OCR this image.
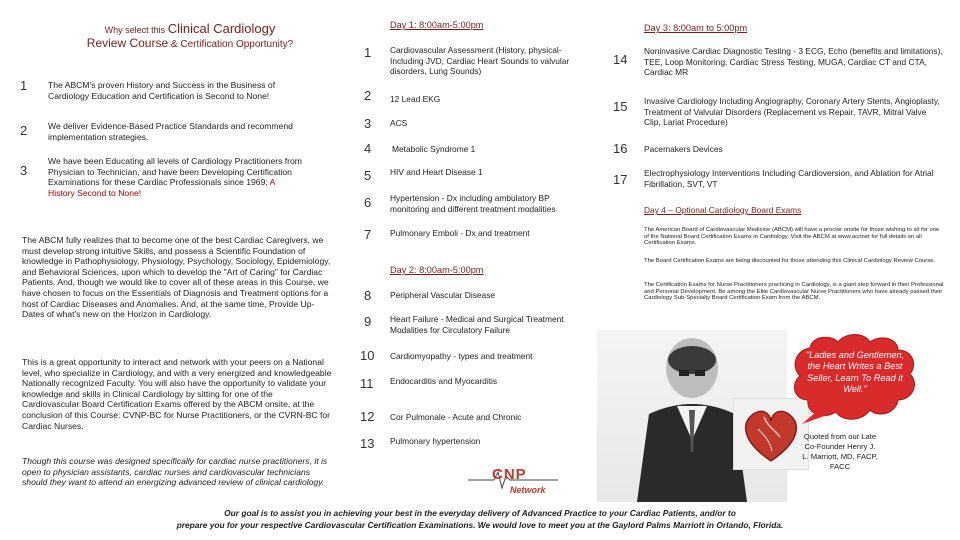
Why select this Clinical Cardiology
Review Course & Certification Opportunity?
1 The ABCM's proven History and Success in the Business of Cardiology Education and Certification is Second to None!
2 We deliver Evidence-Based Practice Standards and recommend implementation strategies.
3
We have been Educating all levels of Cardiology Practitioners from Physician to Technician, and have been Developing Certification Examinations for these Cardiac Professionals since 1969; A History Second to None!
The ABCM fully realizes that to become one of the best Cardiac Caregivers, we must develop strong intuitive Skills, and possess a Scientific Foundation of knowledge in Pathophysiology, Physiology, Psychology, Sociology, Epidemiology, and Behavioral Sciences, upon which to develop the "Art of Caring" for Cardiac Patients. And, though we would like to cover all of these areas in this Course, we have chosen to focus on the Essentials of Diagnosis and Treatment options for a host of Cardiac Diseases and Anomalies. And, at the same time, Provide Up-Dates of what's new on the Horizon in Cardiology.
This is a great opportunity to interact and network with your peers on a National level, who specialize in Cardiology, and with a very energized and knowledgeable Nationally recognized Faculty. You will also have the opportunity to validate your knowledge and skills in Clinical Cardiology by sitting for one of the Cardiovascular Board Certification Exams offered by the ABCM onsite, at the conclusion of this Course: CVNP-BC for Nurse Practitioners, or the CVRN-BC for Cardiac Nurses.
Though this course was designed specifically for cardiac nurse practitioners, it is open to physician assistants, cardiac nurses and cardiovascular technicians should they want to attend an energizing advanced review of clinical cardiology.
Day 1: 8:00am-5:00pm
1 Cardiovascular Assessment (History, physical-Including JVD, Cardiac Heart Sounds to valvular disorders, Lung Sounds)
2 12 Lead EKG
3 ACS
4 Metabolic Syndrome 1
5 HIV and Heart Disease 1
6 Hypertension - Dx including ambulatory BP monitoring and different treatment modalities
7 Pulmonary Emboli - Dx and treatment
Day 2: 8:00am-5:00pm
8 Peripheral Vascular Disease
9 Heart Failure - Medical and Surgical Treatment Modalities for Circulatory Failure
10 Cardiomyopathy - types and treatment
11 Endocarditis and Myocarditis
12 Cor Pulmonale - Acute and Chronic
13 Pulmonary hypertension
Day 3: 8:00am to 5:00pm
14
Noninvasive Cardiac Diagnostic Testing - 3 ECG, Echo (benefits and limitations), TEE, Loop Monitoring, Cardiac Stress Testing, MUGA, Cardiac CT and CTA, Cardiac MR
15 Invasive Cardiology Including Angiography, Coronary Artery Stents, Angioplasty, Treatment of Valvular Disorders (Replacement vs Repair, TAVR, Mitral Valve Clip, Lariat Procedure)
16 Pacemakers Devices
17 Electrophysiology Interventions Including Cardioversion, and Ablation for Atrial Fibrillation, SVT, VT
Day 4 – Optional Cardiology Board Exams
The American Board of Cardiovascular Medicine (ABCM) will have a proctor onsite for those wishing to sit for one of the National Board Certification Exams in Cardiology. Visit the ABCM at www.acnnet for full details on all Certification Exams.
The Board Certification Exams are being discounted for those attending this Clinical Cardiology Review Course.
The Certification Exams for Nurse Practitioners practicing in Cardiology, is a giant step forward in their Professional and Personal Development. Be among the Elite Cardiovascular Nurse Practitioners who have already passed their Cardiology Sub-Specialty Board Certification Exam from the ABCM.
CNP
Network
"Ladies and Gentlemen, the Heart Writes a Best Seller, Learn To Read it Well."
Quoted from our Late Co-Founder Henry J. L. Marriott, MD, FACP, FACC
Our goal is to assist you in achieving your best in the everyday delivery of Advanced Practice to your Cardiac Patients, and/or to
prepare you for your respective Cardiovascular Certification Examinations. We would love to meet you at the Gaylord Palms Marriott in Orlando, Florida.
